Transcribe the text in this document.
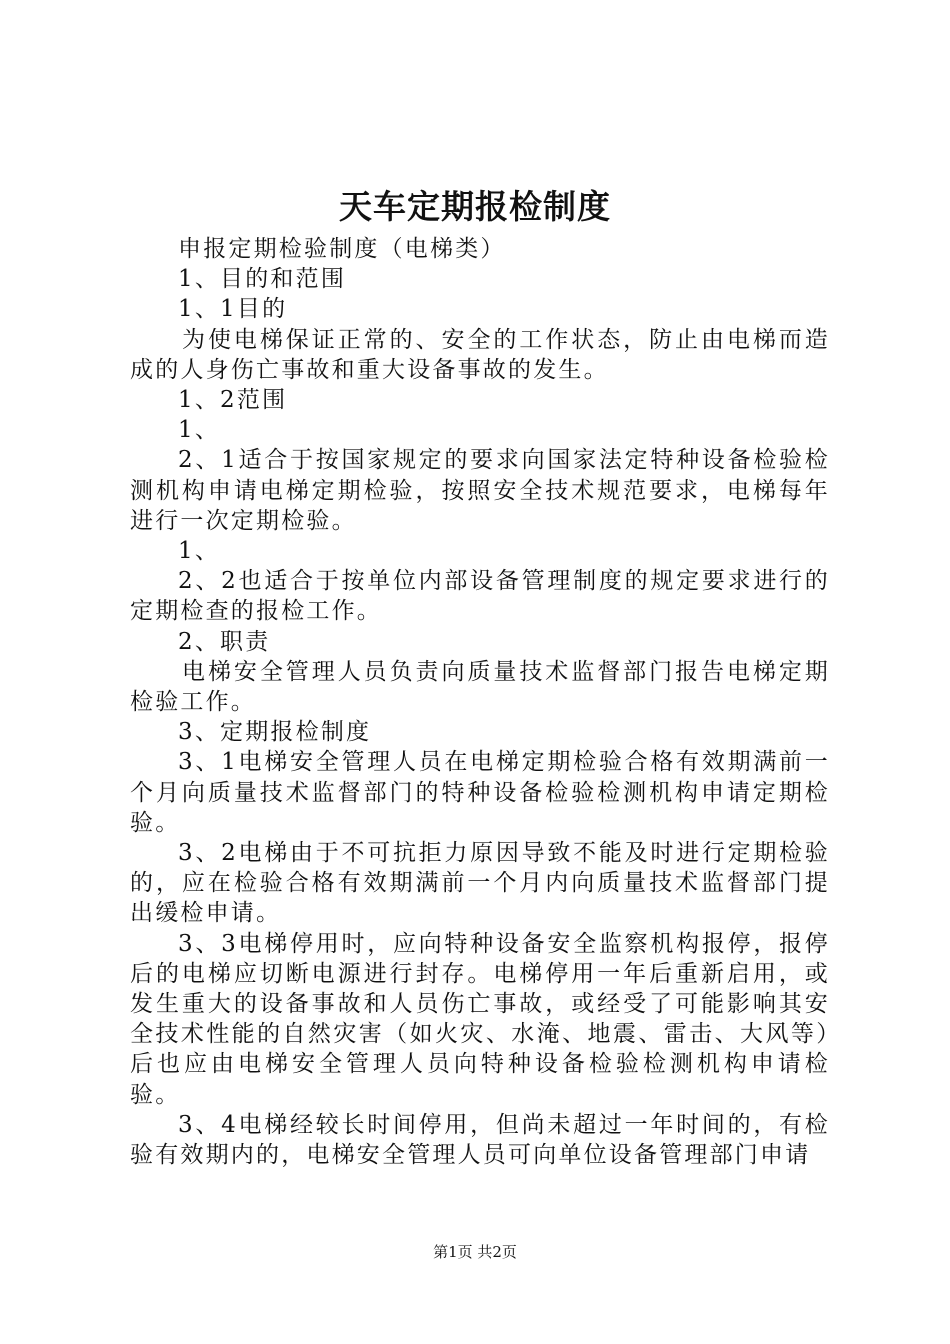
天车定期报检制度

申报定期检验制度（电梯类）

1、目的和范围

1、1目的

为使电梯保证正常的、安全的工作状态，防止由电梯而造成的人身伤亡事故和重大设备事故的发生。

1、2范围

1、

2、1适合于按国家规定的要求向国家法定特种设备检验检测机构申请电梯定期检验，按照安全技术规范要求，电梯每年进行一次定期检验。

1、

2、2也适合于按单位内部设备管理制度的规定要求进行的定期检查的报检工作。

2、职责

电梯安全管理人员负责向质量技术监督部门报告电梯定期检验工作。

3、定期报检制度

3、1电梯安全管理人员在电梯定期检验合格有效期满前一个月向质量技术监督部门的特种设备检验检测机构申请定期检验。

3、2电梯由于不可抗拒力原因导致不能及时进行定期检验的，应在检验合格有效期满前一个月内向质量技术监督部门提出缓检申请。

3、3电梯停用时，应向特种设备安全监察机构报停，报停后的电梯应切断电源进行封存。电梯停用一年后重新启用，或发生重大的设备事故和人员伤亡事故，或经受了可能影响其安全技术性能的自然灾害（如火灾、水淹、地震、雷击、大风等）后也应由电梯安全管理人员向特种设备检验检测机构申请检验。

3、4电梯经较长时间停用，但尚未超过一年时间的，有检验有效期内的，电梯安全管理人员可向单位设备管理部门申请

第1页 共2页
